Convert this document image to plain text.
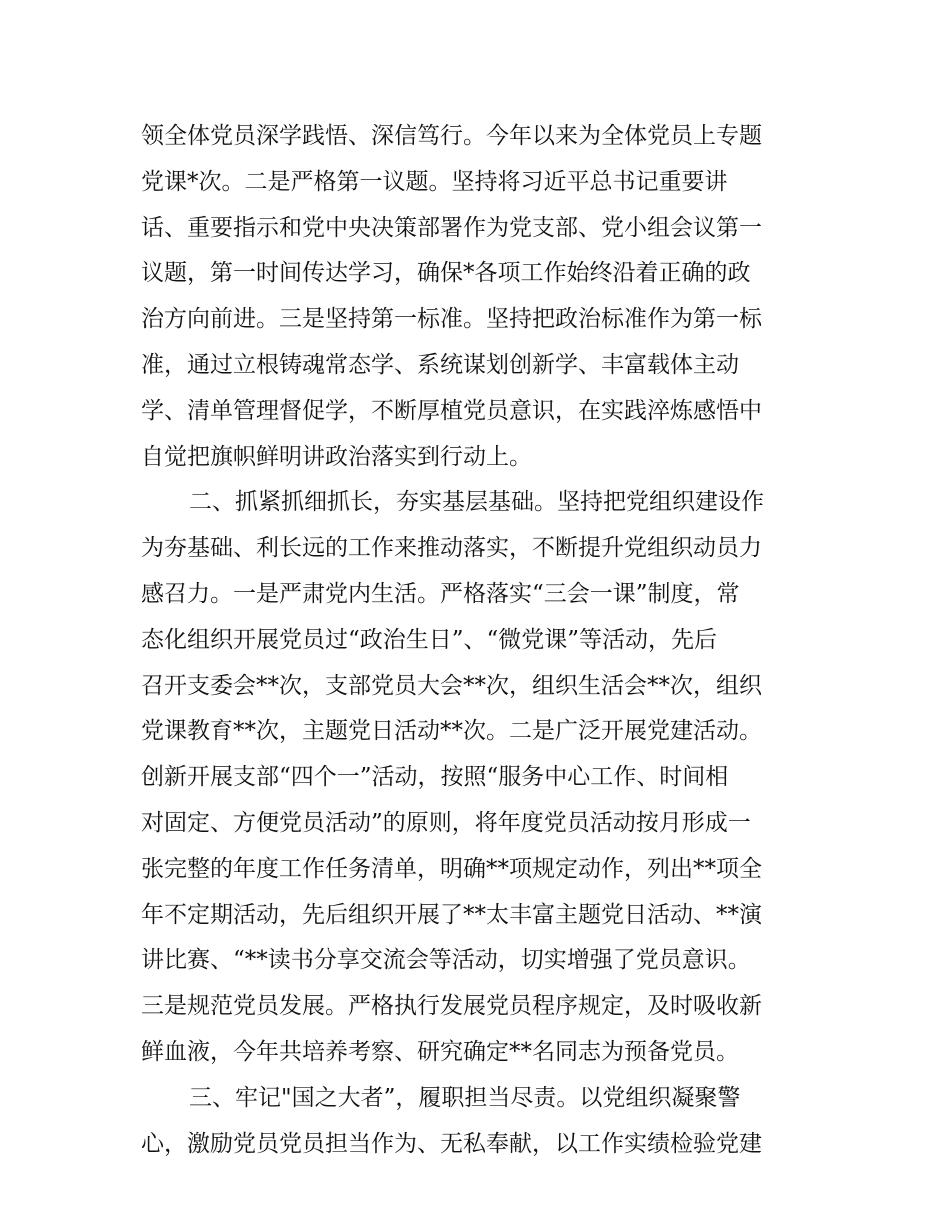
领全体党员深学践悟、深信笃行。今年以来为全体党员上专题
党课*次。二是严格第一议题。坚持将习近平总书记重要讲
话、重要指示和党中央决策部署作为党支部、党小组会议第一
议题，第一时间传达学习，确保*各项工作始终沿着正确的政
治方向前进。三是坚持第一标准。坚持把政治标准作为第一标
准，通过立根铸魂常态学、系统谋划创新学、丰富载体主动
学、清单管理督促学，不断厚植党员意识，在实践淬炼感悟中
自觉把旗帜鲜明讲政治落实到行动上。
二、抓紧抓细抓长，夯实基层基础。坚持把党组织建设作
为夯基础、利长远的工作来推动落实，不断提升党组织动员力
感召力。一是严肃党内生活。严格落实“三会一课”制度，常
态化组织开展党员过“政治生日”、“微党课”等活动，先后
召开支委会**次，支部党员大会**次，组织生活会**次，组织
党课教育**次，主题党日活动**次。二是广泛开展党建活动。
创新开展支部“四个一”活动，按照“服务中心工作、时间相
对固定、方便党员活动”的原则，将年度党员活动按月形成一
张完整的年度工作任务清单，明确**项规定动作，列出**项全
年不定期活动，先后组织开展了**太丰富主题党日活动、**演
讲比赛、“**读书分享交流会等活动，切实增强了党员意识。
三是规范党员发展。严格执行发展党员程序规定，及时吸收新
鲜血液，今年共培养考察、研究确定**名同志为预备党员。
三、牢记"国之大者”，履职担当尽责。以党组织凝聚警
心，激励党员党员担当作为、无私奉献，以工作实绩检验党建
